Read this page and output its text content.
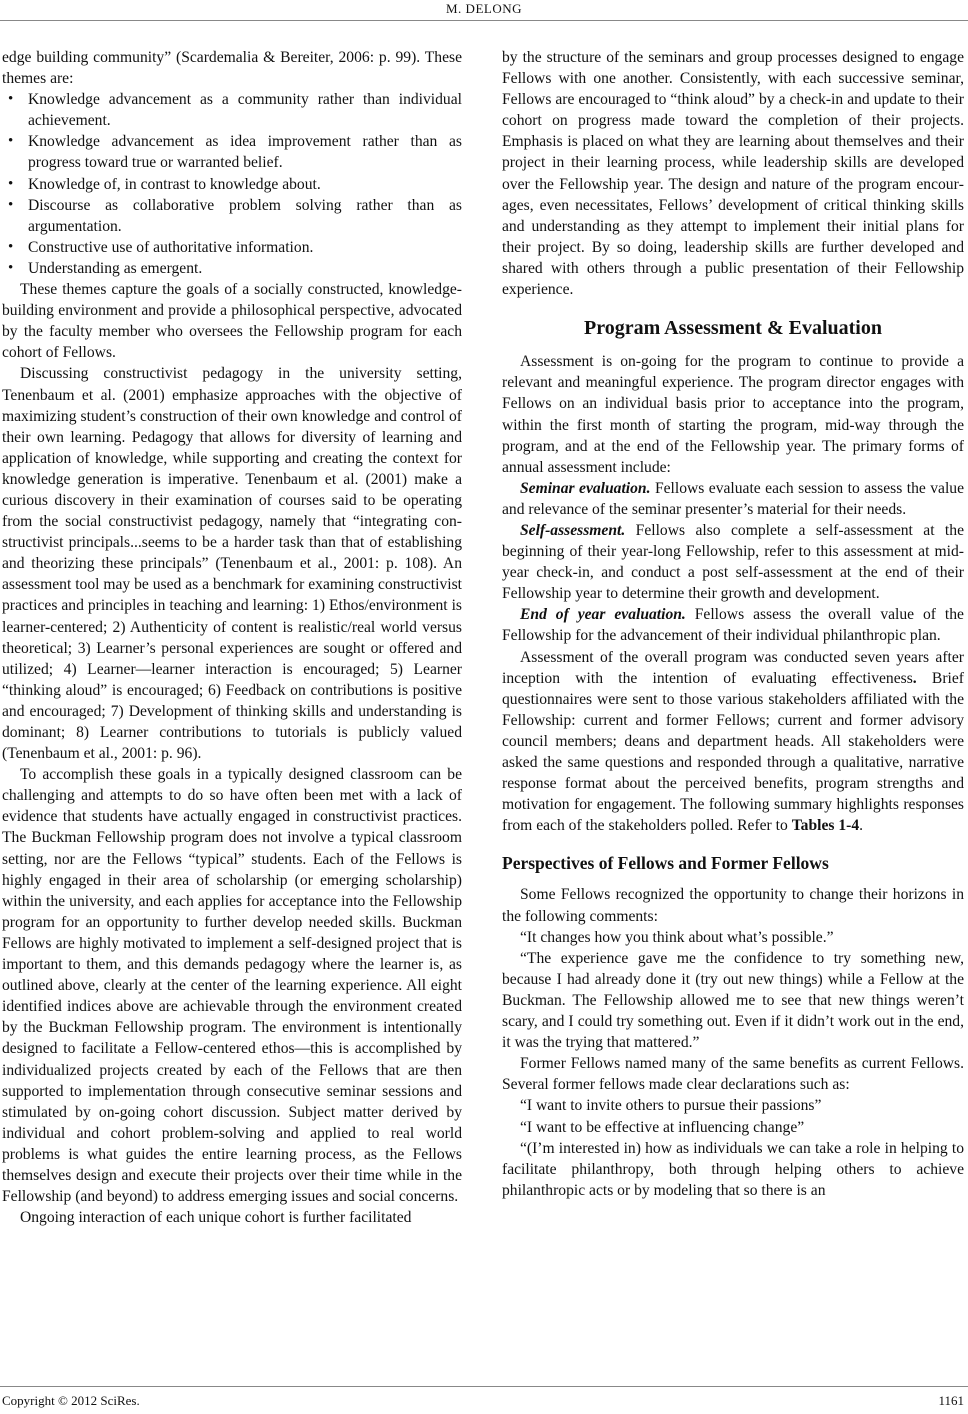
M. DELONG

edge building community” (Scardemalia & Bereiter, 2006: p. 99). These themes are:

• Knowledge advancement as a community rather than individual achievement.
• Knowledge advancement as idea improvement rather than as progress toward true or warranted belief.
• Knowledge of, in contrast to knowledge about.
• Discourse as collaborative problem solving rather than as argumentation.
• Constructive use of authoritative information.
• Understanding as emergent.

These themes capture the goals of a socially constructed, knowledge-building environment and provide a philosophical perspective, advocated by the faculty member who oversees the Fellowship program for each cohort of Fellows.

Discussing constructivist pedagogy in the university setting, Tenenbaum et al. (2001) emphasize approaches with the objective of maximizing student’s construction of their own knowledge and control of their own learning. Pedagogy that allows for diversity of learning and application of knowledge, while supporting and creating the context for knowledge generation is imperative. Tenenbaum et al. (2001) make a curious discovery in their examination of courses said to be operating from the social constructivist pedagogy, namely that “integrating constructivist principals...seems to be a harder task than that of establishing and theorizing these principals” (Tenenbaum et al., 2001: p. 108). An assessment tool may be used as a benchmark for examining constructivist practices and principles in teaching and learning: 1) Ethos/environment is learner-centered; 2) Authenticity of content is realistic/real world versus theoretical; 3) Learner’s personal experiences are sought or offered and utilized; 4) Learner—learner interaction is encouraged; 5) Learner “thinking aloud” is encouraged; 6) Feedback on contributions is positive and encouraged; 7) Development of thinking skills and understanding is dominant; 8) Learner contributions to tutorials is publicly valued (Tenenbaum et al., 2001: p. 96).

To accomplish these goals in a typically designed classroom can be challenging and attempts to do so have often been met with a lack of evidence that students have actually engaged in constructivist practices. The Buckman Fellowship program does not involve a typical classroom setting, nor are the Fellows “typical” students. Each of the Fellows is highly engaged in their area of scholarship (or emerging scholarship) within the university, and each applies for acceptance into the Fellowship program for an opportunity to further develop needed skills. Buckman Fellows are highly motivated to implement a self-designed project that is important to them, and this demands pedagogy where the learner is, as outlined above, clearly at the center of the learning experience. All eight identified indices above are achievable through the environment created by the Buckman Fellowship program. The environment is intentionally designed to facilitate a Fellow-centered ethos—this is accomplished by individualized projects created by each of the Fellows that are then supported to implementation through consecutive seminar sessions and stimulated by on-going cohort discussion. Subject matter derived by individual and cohort problem-solving and applied to real world problems is what guides the entire learning process, as the Fellows themselves design and execute their projects over their time while in the Fellowship (and beyond) to address emerging issues and social concerns.

Ongoing interaction of each unique cohort is further facilitated

by the structure of the seminars and group processes designed to engage Fellows with one another. Consistently, with each successive seminar, Fellows are encouraged to “think aloud” by a check-in and update to their cohort on progress made toward the completion of their projects. Emphasis is placed on what they are learning about themselves and their project in their learning process, while leadership skills are developed over the Fellowship year. The design and nature of the program encourages, even necessitates, Fellows’ development of critical thinking skills and understanding as they attempt to implement their initial plans for their project. By so doing, leadership skills are further developed and shared with others through a public presentation of their Fellowship experience.

Program Assessment & Evaluation

Assessment is on-going for the program to continue to provide a relevant and meaningful experience. The program director engages with Fellows on an individual basis prior to acceptance into the program, within the first month of starting the program, mid-way through the program, and at the end of the Fellowship year. The primary forms of annual assessment include:

Seminar evaluation. Fellows evaluate each session to assess the value and relevance of the seminar presenter’s material for their needs.

Self-assessment. Fellows also complete a self-assessment at the beginning of their year-long Fellowship, refer to this assessment at mid-year check-in, and conduct a post self-assessment at the end of their Fellowship year to determine their growth and development.

End of year evaluation. Fellows assess the overall value of the Fellowship for the advancement of their individual philanthropic plan.

Assessment of the overall program was conducted seven years after inception with the intention of evaluating effectiveness. Brief questionnaires were sent to those various stakeholders affiliated with the Fellowship: current and former Fellows; current and former advisory council members; deans and department heads. All stakeholders were asked the same questions and responded through a qualitative, narrative response format about the perceived benefits, program strengths and motivation for engagement. The following summary highlights responses from each of the stakeholders polled. Refer to Tables 1-4.

Perspectives of Fellows and Former Fellows

Some Fellows recognized the opportunity to change their horizons in the following comments:

“It changes how you think about what’s possible.”

“The experience gave me the confidence to try something new, because I had already done it (try out new things) while a Fellow at the Buckman. The Fellowship allowed me to see that new things weren’t scary, and I could try something out. Even if it didn’t work out in the end, it was the trying that mattered.”

Former Fellows named many of the same benefits as current Fellows. Several former fellows made clear declarations such as:

“I want to invite others to pursue their passions”

“I want to be effective at influencing change”

“(I’m interested in) how as individuals we can take a role in helping to facilitate philanthropy, both through helping others to achieve philanthropic acts or by modeling that so there is an

Copyright © 2012 SciRes.	1161
